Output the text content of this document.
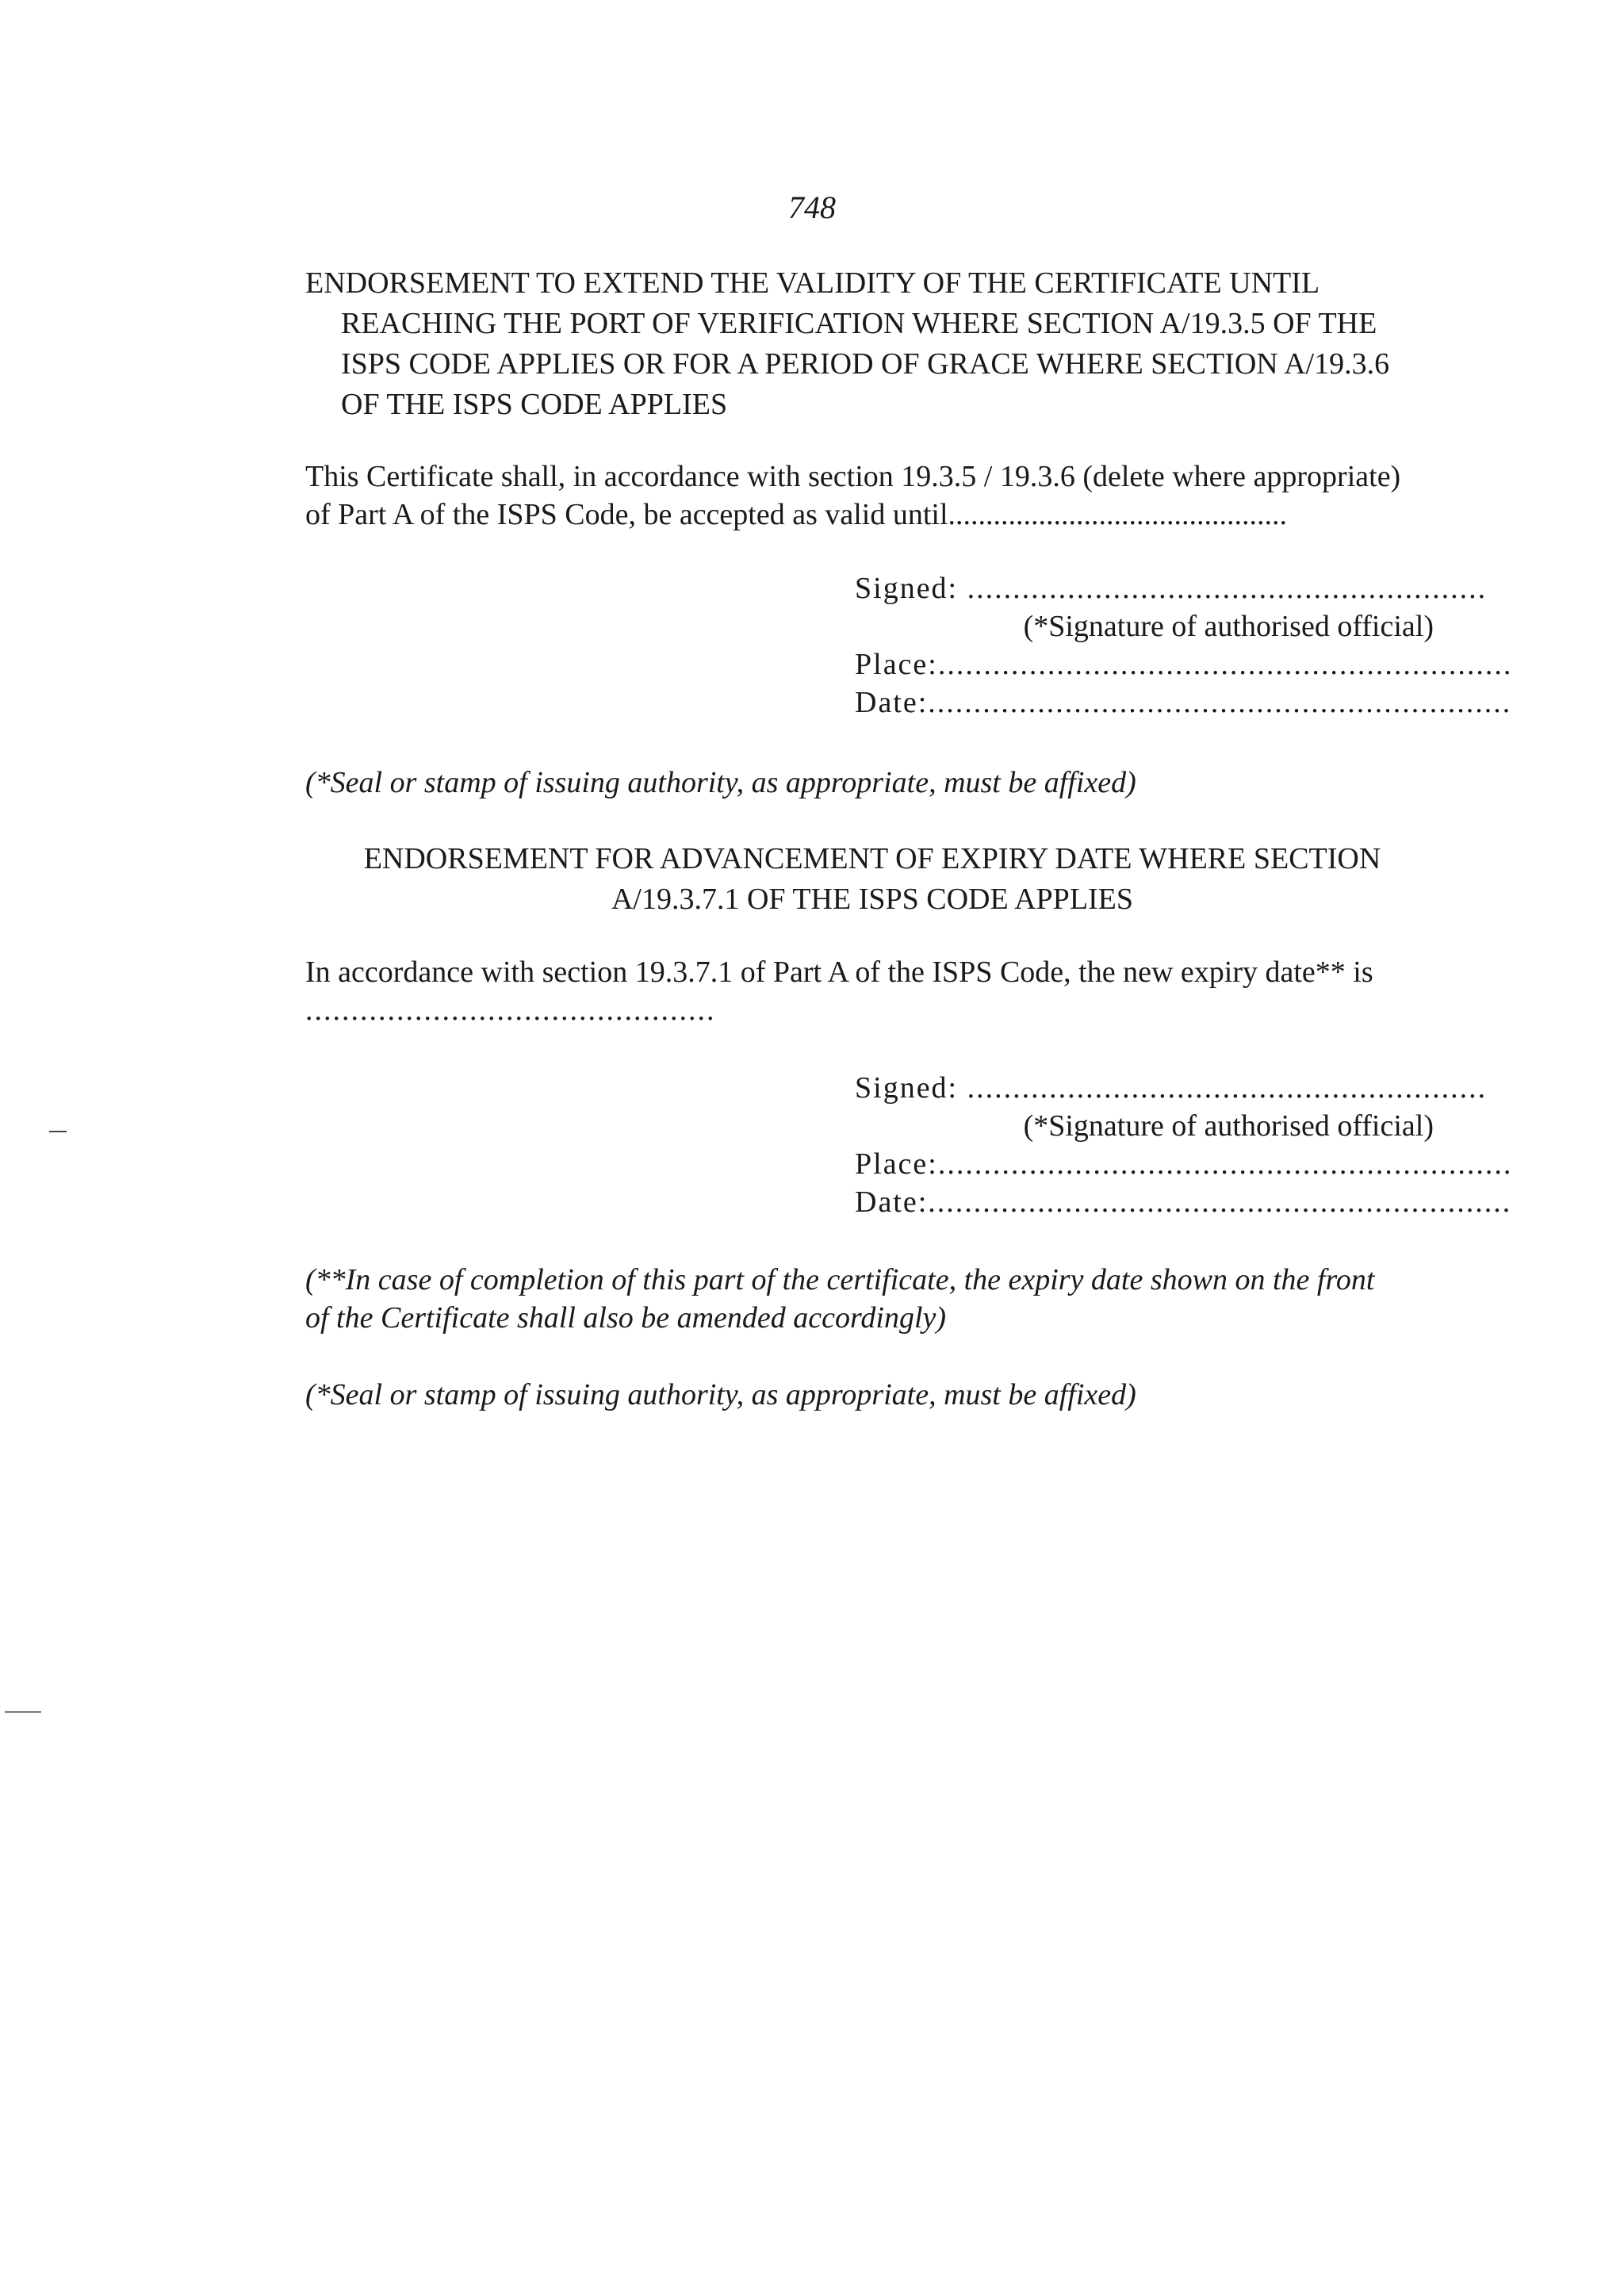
748
ENDORSEMENT TO EXTEND THE VALIDITY OF THE CERTIFICATE UNTIL
REACHING THE PORT OF VERIFICATION WHERE SECTION A/19.3.5 OF THE
ISPS CODE APPLIES OR FOR A PERIOD OF GRACE WHERE SECTION A/19.3.6
OF THE ISPS CODE APPLIES
This Certificate shall, in accordance with section 19.3.5 / 19.3.6 (delete where appropriate)
of Part A of the ISPS Code, be accepted as valid until.............................................
Signed: .........................................................
(*Signature of authorised official)
Place:...............................................................
Date:................................................................
(*Seal or stamp of issuing authority, as appropriate, must be affixed)
ENDORSEMENT FOR ADVANCEMENT OF EXPIRY DATE WHERE SECTION
A/19.3.7.1 OF THE ISPS CODE APPLIES
In accordance with section 19.3.7.1 of Part A of the ISPS Code, the new expiry date** is
.............................................
Signed: .........................................................
(*Signature of authorised official)
Place:...............................................................
Date:................................................................
(**In case of completion of this part of the certificate, the expiry date shown on the front
of the Certificate shall also be amended accordingly)
(*Seal or stamp of issuing authority, as appropriate, must be affixed)
